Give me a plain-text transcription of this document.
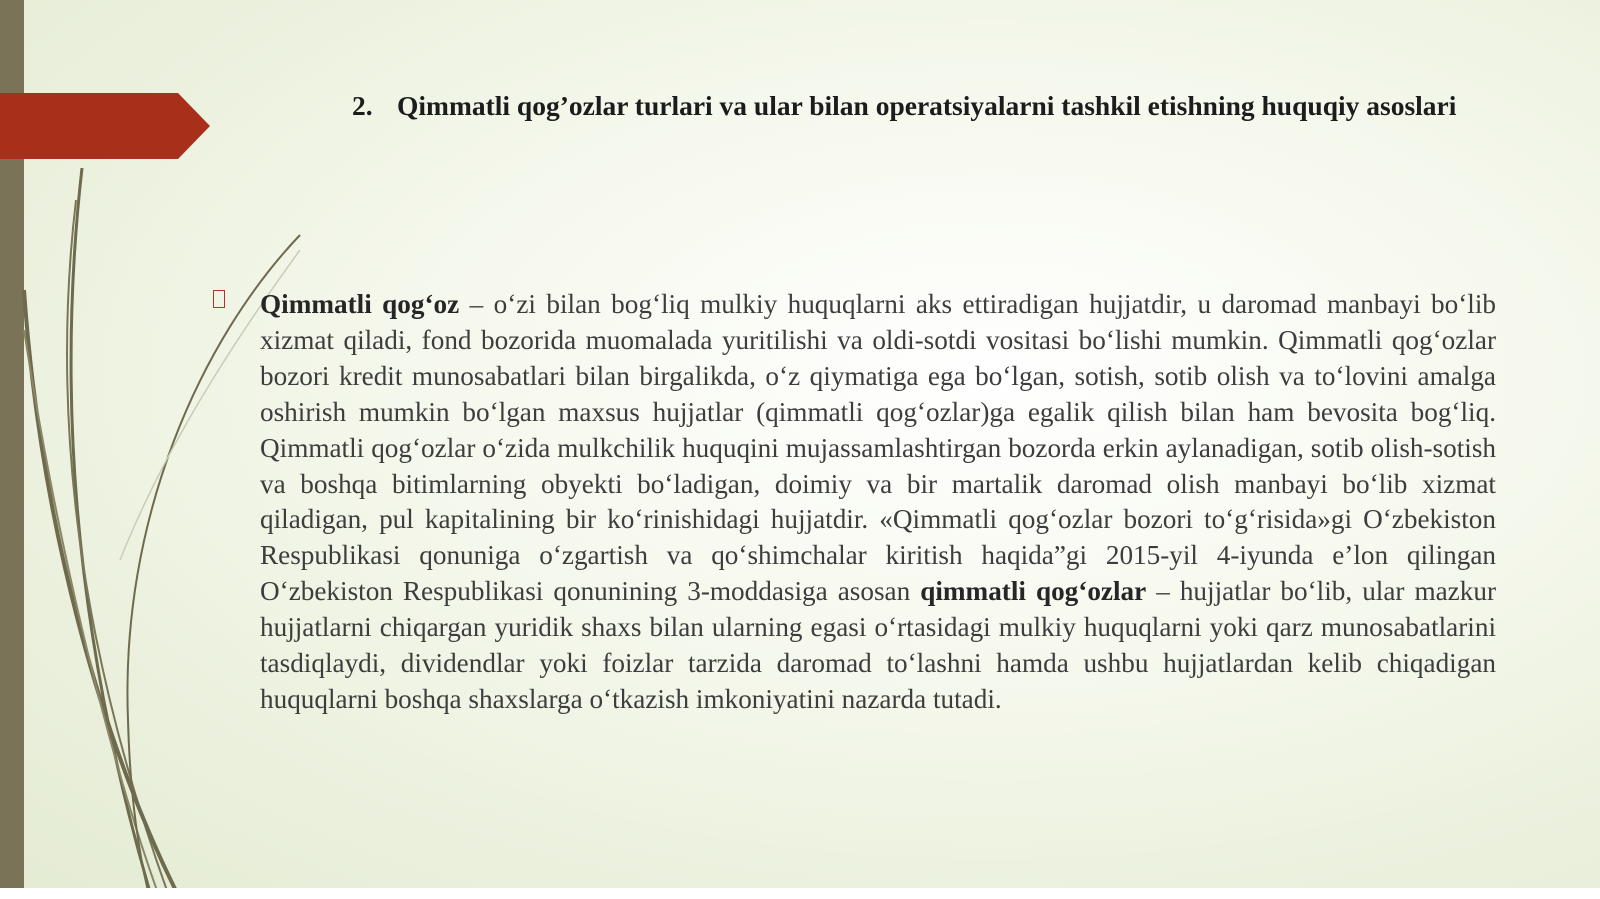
2. Qimmatli qog’ozlar turlari va ular bilan operatsiyalarni tashkil etishning huquqiy asoslari

Qimmatli qog‘oz – o‘zi bilan bog‘liq mulkiy huquqlarni aks ettiradigan hujjatdir, u daromad manbayi bo‘lib xizmat qiladi, fond bozorida muomalada yuritilishi va oldi-sotdi vositasi bo‘lishi mumkin. Qimmatli qog‘ozlar bozori kredit munosabatlari bilan birgalikda, o‘z qiymatiga ega bo‘lgan, sotish, sotib olish va to‘lovini amalga oshirish mumkin bo‘lgan maxsus hujjatlar (qimmatli qog‘ozlar)ga egalik qilish bilan ham bevosita bog‘liq. Qimmatli qog‘ozlar o‘zida mulkchilik huquqini mujassamlashtirgan bozorda erkin aylanadigan, sotib olish-sotish va boshqa bitimlarning obyekti bo‘ladigan, doimiy va bir martalik daromad olish manbayi bo‘lib xizmat qiladigan, pul kapitalining bir ko‘rinishidagi hujjatdir. «Qimmatli qog‘ozlar bozori to‘g‘risida»gi O‘zbekiston Respublikasi qonuniga o‘zgartish va qo‘shimchalar kiritish haqida”gi 2015-yil 4-iyunda e’lon qilingan O‘zbekiston Respublikasi qonunining 3-moddasiga asosan qimmatli qog‘ozlar – hujjatlar bo‘lib, ular mazkur hujjatlarni chiqargan yuridik shaxs bilan ularning egasi o‘rtasidagi mulkiy huquqlarni yoki qarz munosabatlarini tasdiqlaydi, dividendlar yoki foizlar tarzida daromad to‘lashni hamda ushbu hujjatlardan kelib chiqadigan huquqlarni boshqa shaxslarga o‘tkazish imkoniyatini nazarda tutadi.
